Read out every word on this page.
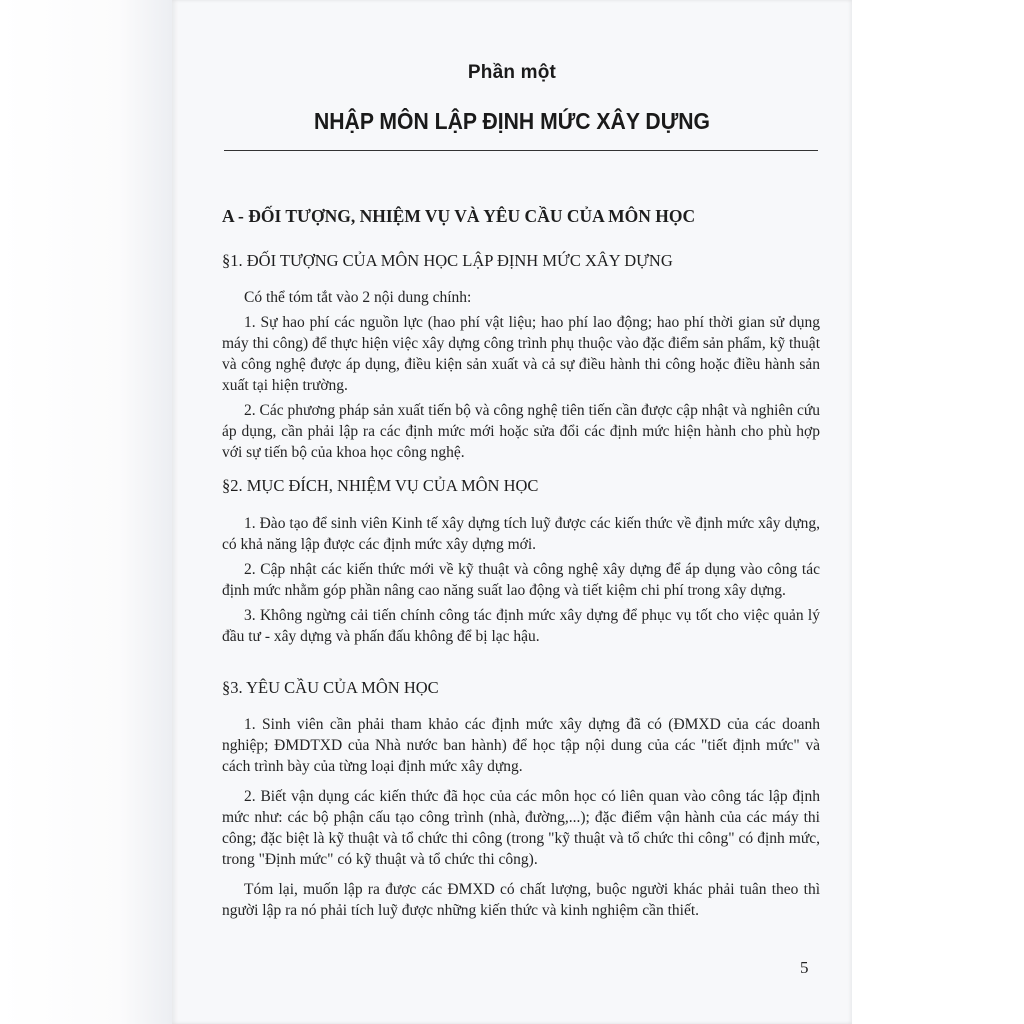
Phần một
NHẬP MÔN LẬP ĐỊNH MỨC XÂY DỰNG
A - ĐỐI TƯỢNG, NHIỆM VỤ VÀ YÊU CẦU CỦA MÔN HỌC
§1. ĐỐI TƯỢNG CỦA MÔN HỌC LẬP ĐỊNH MỨC XÂY DỰNG

Có thể tóm tắt vào 2 nội dung chính:

1. Sự hao phí các nguồn lực (hao phí vật liệu; hao phí lao động; hao phí thời gian sử dụng máy thi công) để thực hiện việc xây dựng công trình phụ thuộc vào đặc điểm sản phẩm, kỹ thuật và công nghệ được áp dụng, điều kiện sản xuất và cả sự điều hành thi công hoặc điều hành sản xuất tại hiện trường.

2. Các phương pháp sản xuất tiến bộ và công nghệ tiên tiến cần được cập nhật và nghiên cứu áp dụng, cần phải lập ra các định mức mới hoặc sửa đổi các định mức hiện hành cho phù hợp với sự tiến bộ của khoa học công nghệ.

§2. MỤC ĐÍCH, NHIỆM VỤ CỦA MÔN HỌC

1. Đào tạo để sinh viên Kinh tế xây dựng tích luỹ được các kiến thức về định mức xây dựng, có khả năng lập được các định mức xây dựng mới.

2. Cập nhật các kiến thức mới về kỹ thuật và công nghệ xây dựng để áp dụng vào công tác định mức nhằm góp phần nâng cao năng suất lao động và tiết kiệm chi phí trong xây dựng.

3. Không ngừng cải tiến chính công tác định mức xây dựng để phục vụ tốt cho việc quản lý đầu tư - xây dựng và phấn đấu không để bị lạc hậu.

§3. YÊU CẦU CỦA MÔN HỌC

1. Sinh viên cần phải tham khảo các định mức xây dựng đã có (ĐMXD của các doanh nghiệp; ĐMDTXD của Nhà nước ban hành) để học tập nội dung của các "tiết định mức" và cách trình bày của từng loại định mức xây dựng.

2. Biết vận dụng các kiến thức đã học của các môn học có liên quan vào công tác lập định mức như: các bộ phận cấu tạo công trình (nhà, đường,...); đặc điểm vận hành của các máy thi công; đặc biệt là kỹ thuật và tổ chức thi công (trong "kỹ thuật và tổ chức thi công" có định mức, trong "Định mức" có kỹ thuật và tổ chức thi công).

Tóm lại, muốn lập ra được các ĐMXD có chất lượng, buộc người khác phải tuân theo thì người lập ra nó phải tích luỹ được những kiến thức và kinh nghiệm cần thiết.

5
